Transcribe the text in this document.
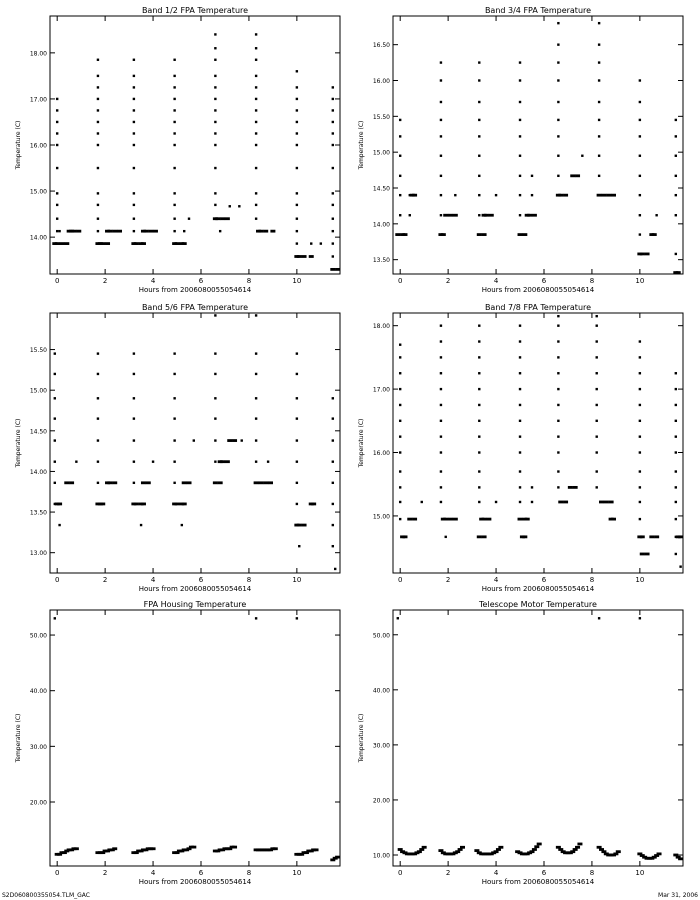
Band 1/2 FPA Temperature
Hours from 2006080055054614
Temperature (C)
0	2	4	6	8	10
14.00
15.00
16.00
17.00
18.00
Band 3/4 FPA Temperature
Hours from 2006080055054614
Temperature (C)
0	2	4	6	8	10
13.50
14.00
14.50
15.00
15.50
16.00
16.50
Band 5/6 FPA Temperature
Hours from 2006080055054614
Temperature (C)
0	2	4	6	8	10
13.00
13.50
14.00
14.50
15.00
15.50
Band 7/8 FPA Temperature
Hours from 2006080055054614
Temperature (C)
0	2	4	6	8	10
15.00
16.00
17.00
18.00
FPA Housing Temperature
Hours from 2006080055054614
Temperature (C)
0	2	4	6	8	10
20.00
30.00
40.00
50.00
Telescope Motor Temperature
Hours from 2006080055054614
Temperature (C)
0	2	4	6	8	10
10.00
20.00
30.00
40.00
50.00
S2D060800355054.TLM_GAC	Mar 31, 2006
